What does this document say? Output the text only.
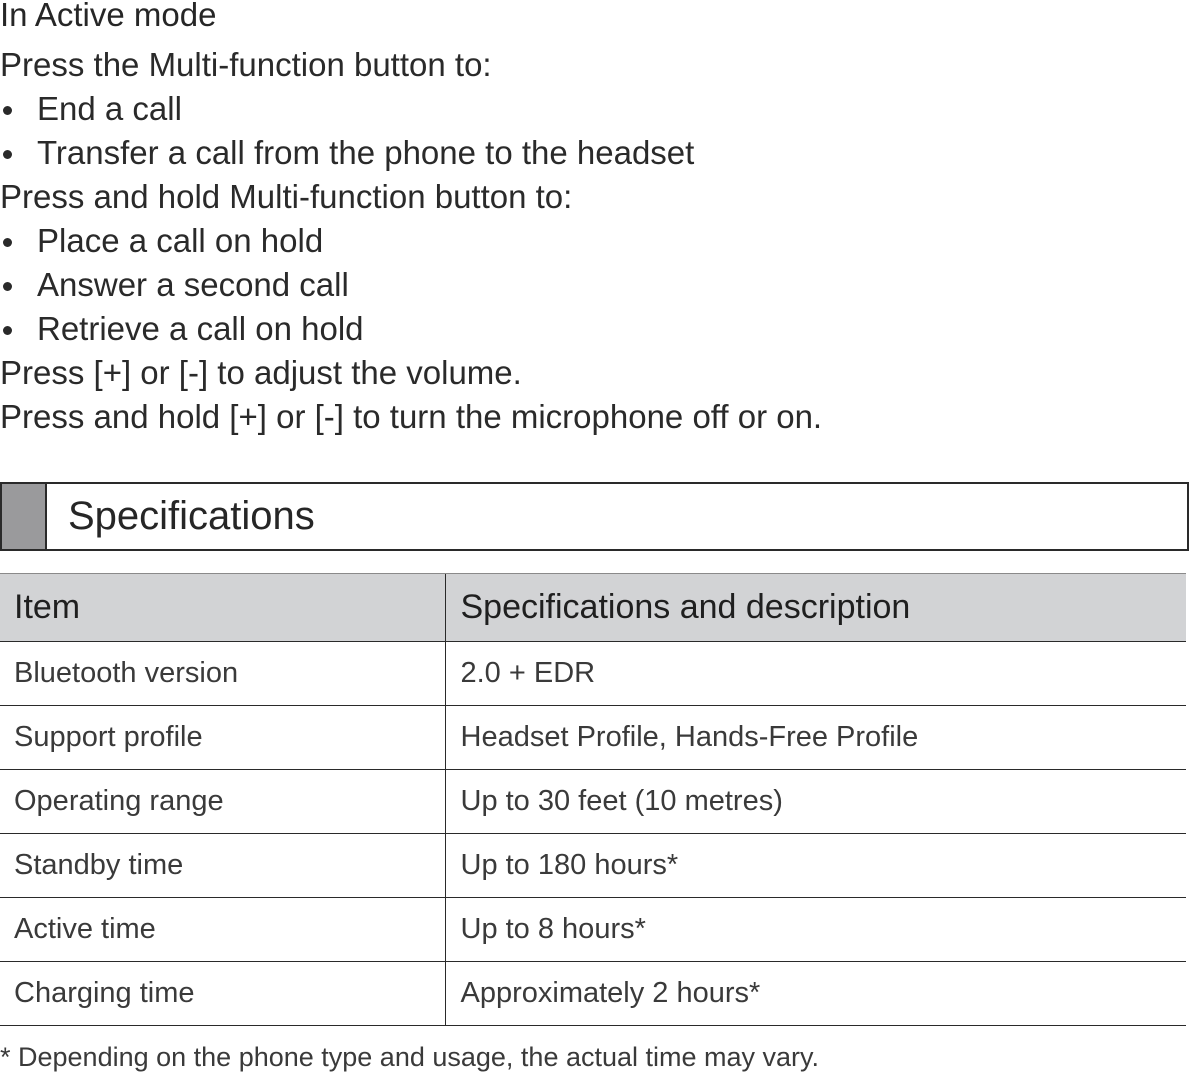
In Active mode

Press the Multi-function button to:

End a call
Transfer a call from the phone to the headset

Press and hold Multi-function button to:

Place a call on hold
Answer a second call
Retrieve a call on hold

Press [+] or [-] to adjust the volume.

Press and hold [+] or [-] to turn the microphone off or on.

Specifications
Item	Specifications and description
Bluetooth version	2.0 + EDR
Support profile	Headset Profile, Hands-Free Profile
Operating range	Up to 30 feet (10 metres)
Standby time	Up to 180 hours*
Active time	Up to 8 hours*
Charging time	Approximately 2 hours*
* Depending on the phone type and usage, the actual time may vary.
